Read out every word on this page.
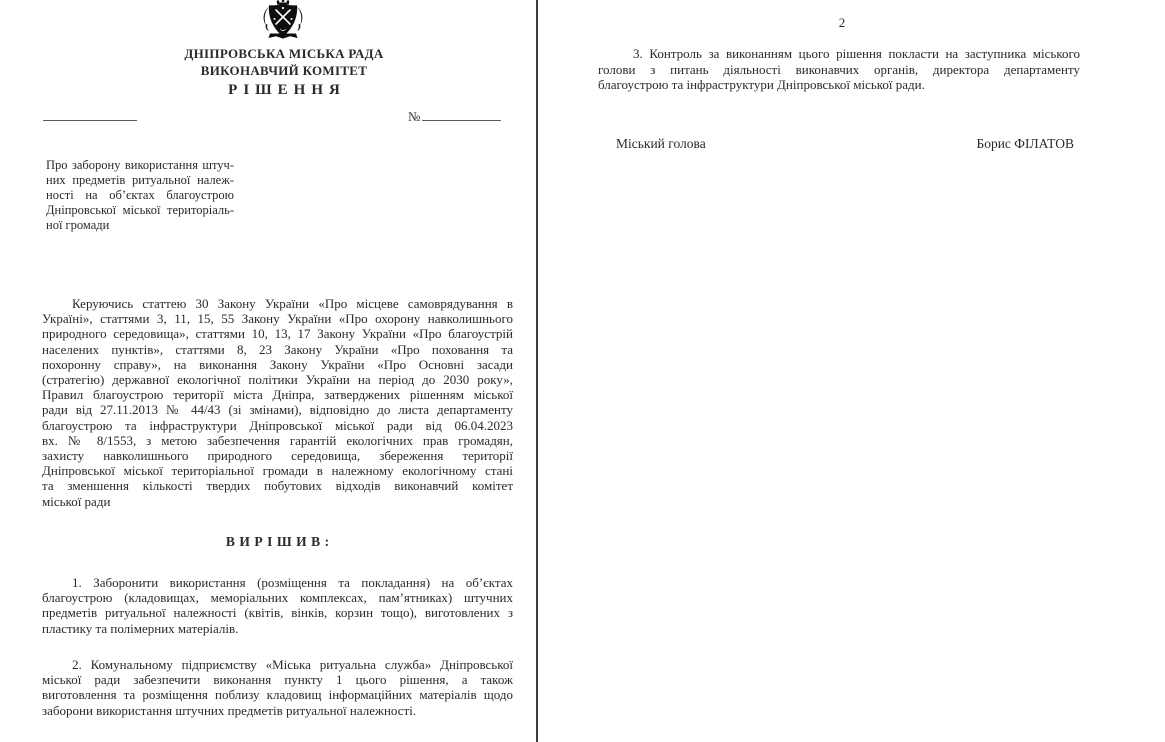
ДНІПРОВСЬКА МІСЬКА РАДА
ВИКОНАВЧИЙ КОМІТЕТ
РІШЕННЯ
№
Про заборону використання штуч-
них предметів ритуальної належ-
ності на об’єктах благоустрою
Дніпровської міської територіаль-
ної громади
Керуючись статтею 30 Закону України «Про місцеве самоврядування в
Україні», статтями 3, 11, 15, 55 Закону України «Про охорону навколишнього
природного середовища», статтями 10, 13, 17 Закону України «Про благоустрій
населених пунктів», статтями 8, 23 Закону України «Про поховання та
похоронну справу», на виконання Закону України «Про Основні засади
(стратегію) державної екологічної політики України на період до 2030 року»,
Правил благоустрою території міста Дніпра, затверджених рішенням міської
ради від 27.11.2013 № 44/43 (зі змінами), відповідно до листа департаменту
благоустрою та інфраструктури Дніпровської міської ради від 06.04.2023
вх. № 8/1553, з метою забезпечення гарантій екологічних прав громадян,
захисту навколишнього природного середовища, збереження території
Дніпровської міської територіальної громади в належному екологічному стані
та зменшення кількості твердих побутових відходів виконавчий комітет
міської ради
ВИРІШИВ:
1. Заборонити використання (розміщення та покладання) на об’єктах
благоустрою (кладовищах, меморіальних комплексах, пам’ятниках) штучних
предметів ритуальної належності (квітів, вінків, корзин тощо), виготовлених з
пластику та полімерних матеріалів.
2. Комунальному підприємству «Міська ритуальна служба» Дніпровської
міської ради забезпечити виконання пункту 1 цього рішення, а також
виготовлення та розміщення поблизу кладовищ інформаційних матеріалів щодо
заборони використання штучних предметів ритуальної належності.
2
3. Контроль за виконанням цього рішення покласти на заступника міського
голови з питань діяльності виконавчих органів, директора департаменту
благоустрою та інфраструктури Дніпровської міської ради.
Міський голова	Борис ФІЛАТОВ
